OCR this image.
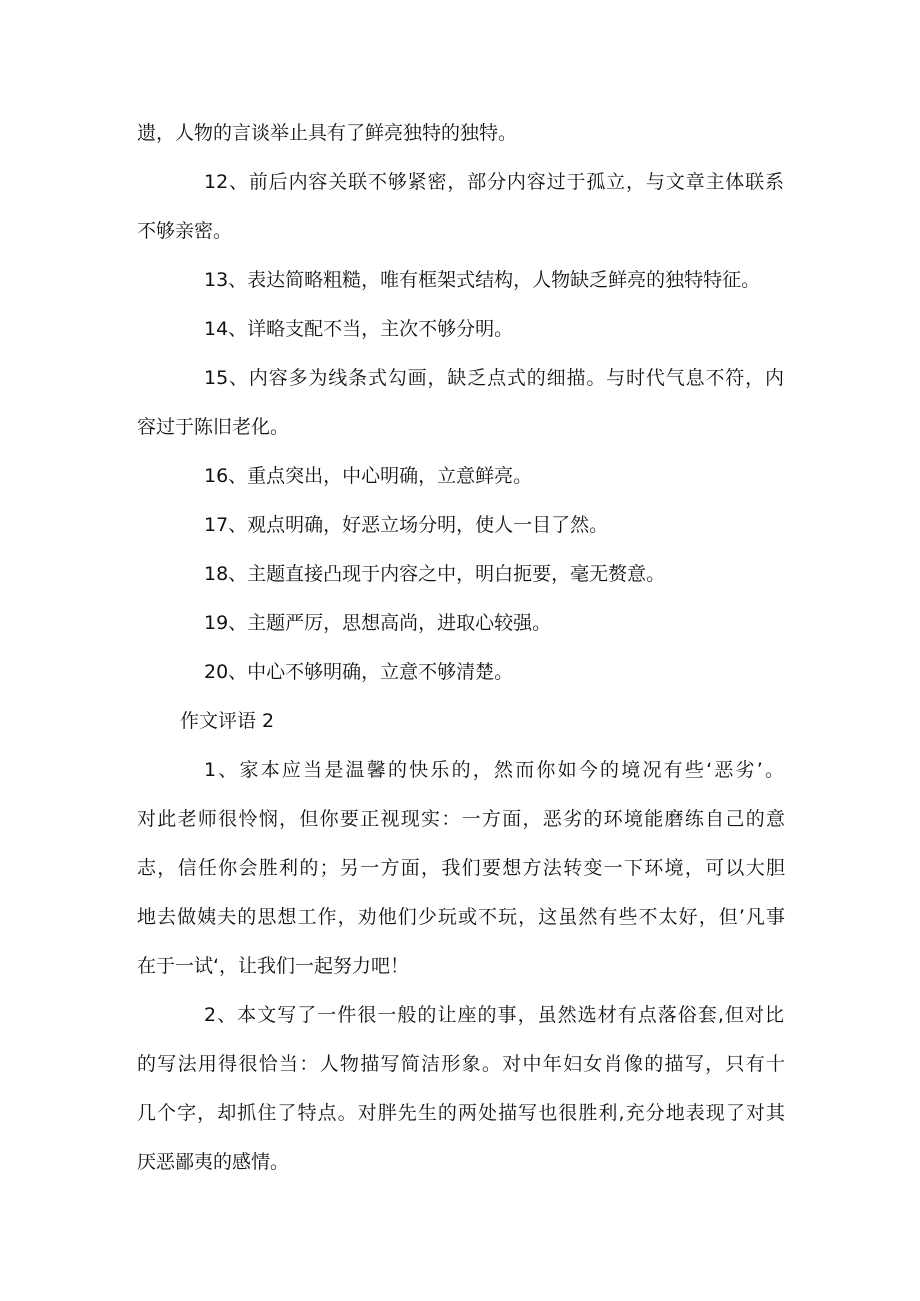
遗，人物的言谈举止具有了鲜亮独特的独特。
12、前后内容关联不够紧密，部分内容过于孤立，与文章主体联系
不够亲密。
13、表达简略粗糙，唯有框架式结构，人物缺乏鲜亮的独特特征。
14、详略支配不当，主次不够分明。
15、内容多为线条式勾画，缺乏点式的细描。与时代气息不符，内
容过于陈旧老化。
16、重点突出，中心明确，立意鲜亮。
17、观点明确，好恶立场分明，使人一目了然。
18、主题直接凸现于内容之中，明白扼要，毫无赘意。
19、主题严厉，思想高尚，进取心较强。
20、中心不够明确，立意不够清楚。
作文评语 2
1、家本应当是温馨的快乐的，然而你如今的境况有些‘恶劣’。
对此老师很怜悯，但你要正视现实：一方面，恶劣的环境能磨练自己的意
志，信任你会胜利的；另一方面，我们要想方法转变一下环境，可以大胆
地去做姨夫的思想工作，劝他们少玩或不玩，这虽然有些不太好，但’凡事
在于一试‘，让我们一起努力吧！
2、本文写了一件很一般的让座的事，虽然选材有点落俗套,但对比
的写法用得很恰当：人物描写简洁形象。对中年妇女肖像的描写，只有十
几个字，却抓住了特点。对胖先生的两处描写也很胜利,充分地表现了对其
厌恶鄙夷的感情。
